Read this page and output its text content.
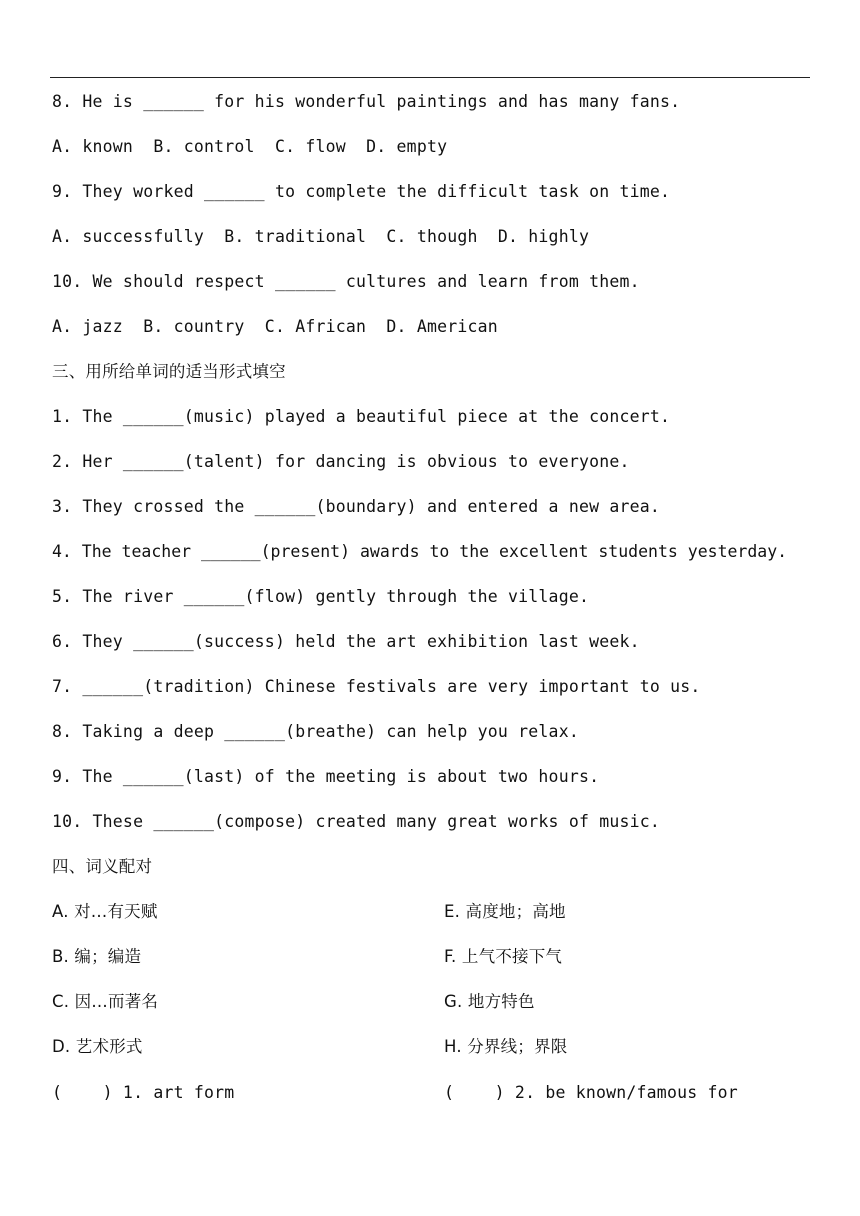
8. He is ______ for his wonderful paintings and has many fans.
A. known  B. control  C. flow  D. empty
9. They worked ______ to complete the difficult task on time.
A. successfully  B. traditional  C. though  D. highly
10. We should respect ______ cultures and learn from them.
A. jazz  B. country  C. African  D. American
三、用所给单词的适当形式填空
1. The ______(music) played a beautiful piece at the concert.
2. Her ______(talent) for dancing is obvious to everyone.
3. They crossed the ______(boundary) and entered a new area.
4. The teacher ______(present) awards to the excellent students yesterday.
5. The river ______(flow) gently through the village.
6. They ______(success) held the art exhibition last week.
7. ______(tradition) Chinese festivals are very important to us.
8. Taking a deep ______(breathe) can help you relax.
9. The ______(last) of the meeting is about two hours.
10. These ______(compose) created many great works of music.
四、词义配对
A. 对…有天赋	E. 高度地；高地
B. 编；编造	F. 上气不接下气
C. 因…而著名	G. 地方特色
D. 艺术形式	H. 分界线；界限
(    ) 1. art form	(    ) 2. be known/famous for
